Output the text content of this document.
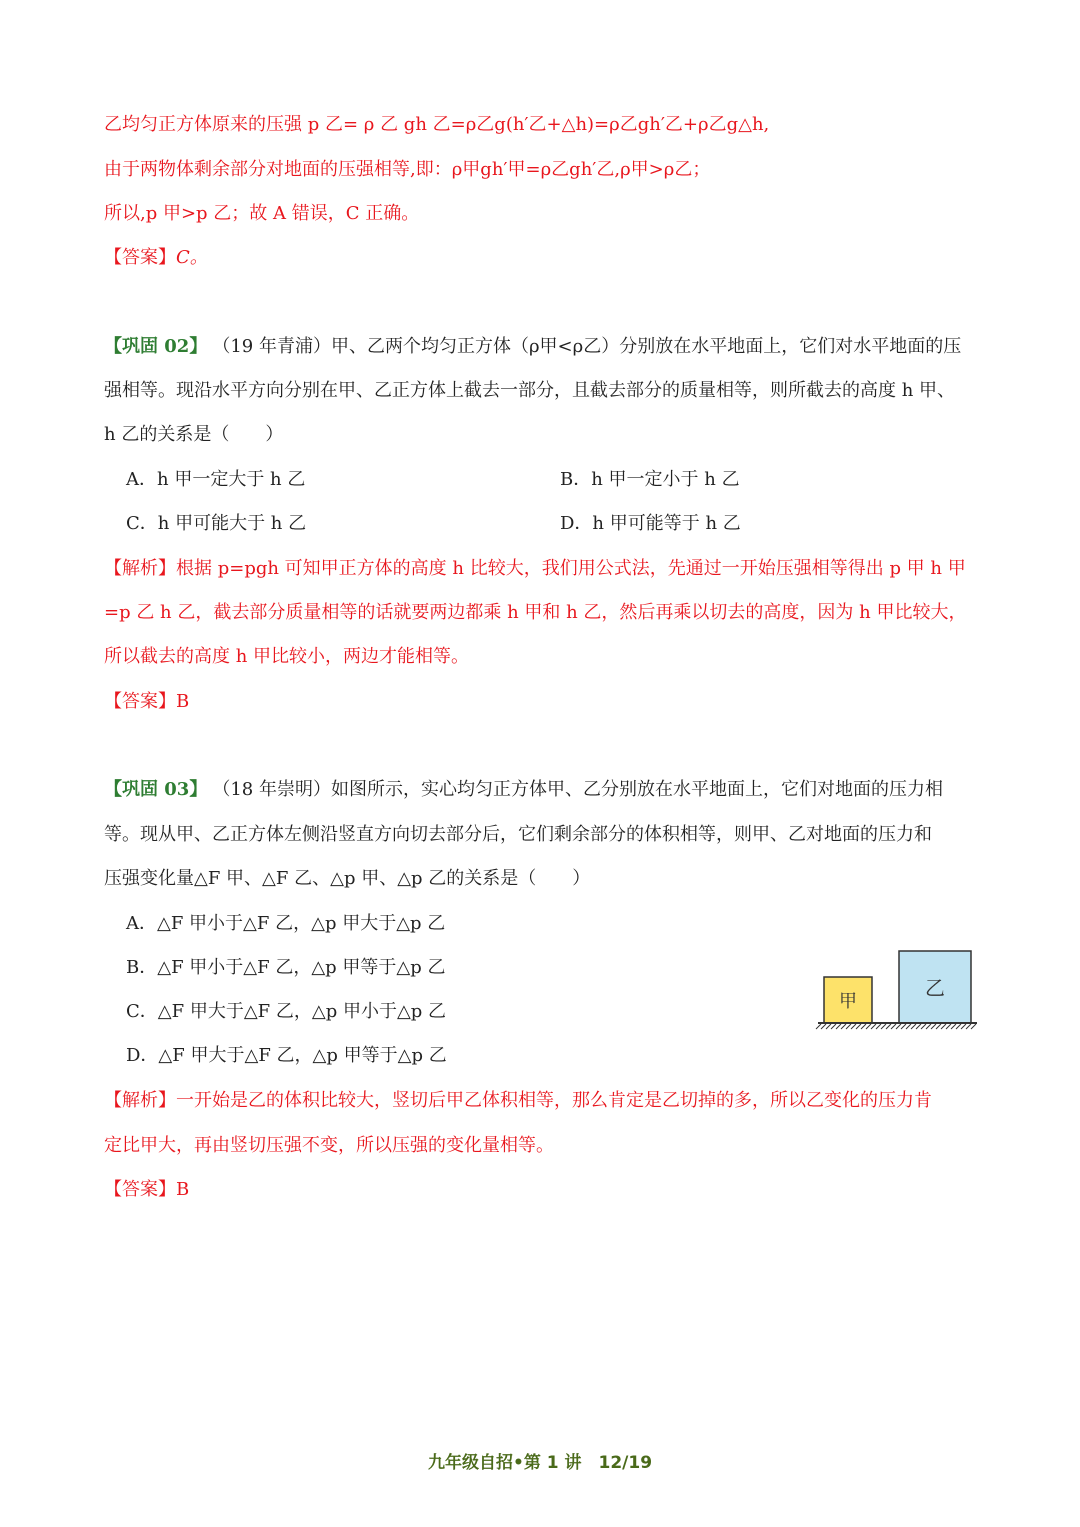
乙均匀正方体原来的压强 p 乙= ρ 乙 gh 乙=ρ乙g(h′乙+△h)=ρ乙gh′乙+ρ乙g△h,
由于两物体剩余部分对地面的压强相等,即：ρ甲gh′甲=ρ乙gh′乙,ρ甲>ρ乙；
所以,p 甲>p 乙；故 A 错误，C 正确。
【答案】C。
【巩固 02】 （19 年青浦）甲、乙两个均匀正方体（ρ甲<ρ乙）分别放在水平地面上，它们对水平地面的压
强相等。现沿水平方向分别在甲、乙正方体上截去一部分，且截去部分的质量相等，则所截去的高度 h 甲、
h 乙的关系是（　　）
A．h 甲一定大于 h 乙	B．h 甲一定小于 h 乙
C．h 甲可能大于 h 乙	D．h 甲可能等于 h 乙
【解析】根据 p=pgh 可知甲正方体的高度 h 比较大，我们用公式法，先通过一开始压强相等得出 p 甲 h 甲
=p 乙 h 乙，截去部分质量相等的话就要两边都乘 h 甲和 h 乙，然后再乘以切去的高度，因为 h 甲比较大，
所以截去的高度 h 甲比较小，两边才能相等。
【答案】B
【巩固 03】 （18 年崇明）如图所示，实心均匀正方体甲、乙分别放在水平地面上，它们对地面的压力相
等。现从甲、乙正方体左侧沿竖直方向切去部分后，它们剩余部分的体积相等，则甲、乙对地面的压力和
压强变化量△F 甲、△F 乙、△p 甲、△p 乙的关系是（　　）
A．△F 甲小于△F 乙，△p 甲大于△p 乙
B．△F 甲小于△F 乙，△p 甲等于△p 乙
C．△F 甲大于△F 乙，△p 甲小于△p 乙
D．△F 甲大于△F 乙，△p 甲等于△p 乙
甲
乙
【解析】一开始是乙的体积比较大，竖切后甲乙体积相等，那么肯定是乙切掉的多，所以乙变化的压力肯
定比甲大，再由竖切压强不变，所以压强的变化量相等。
【答案】B
九年级自招•第 1 讲　12/19
